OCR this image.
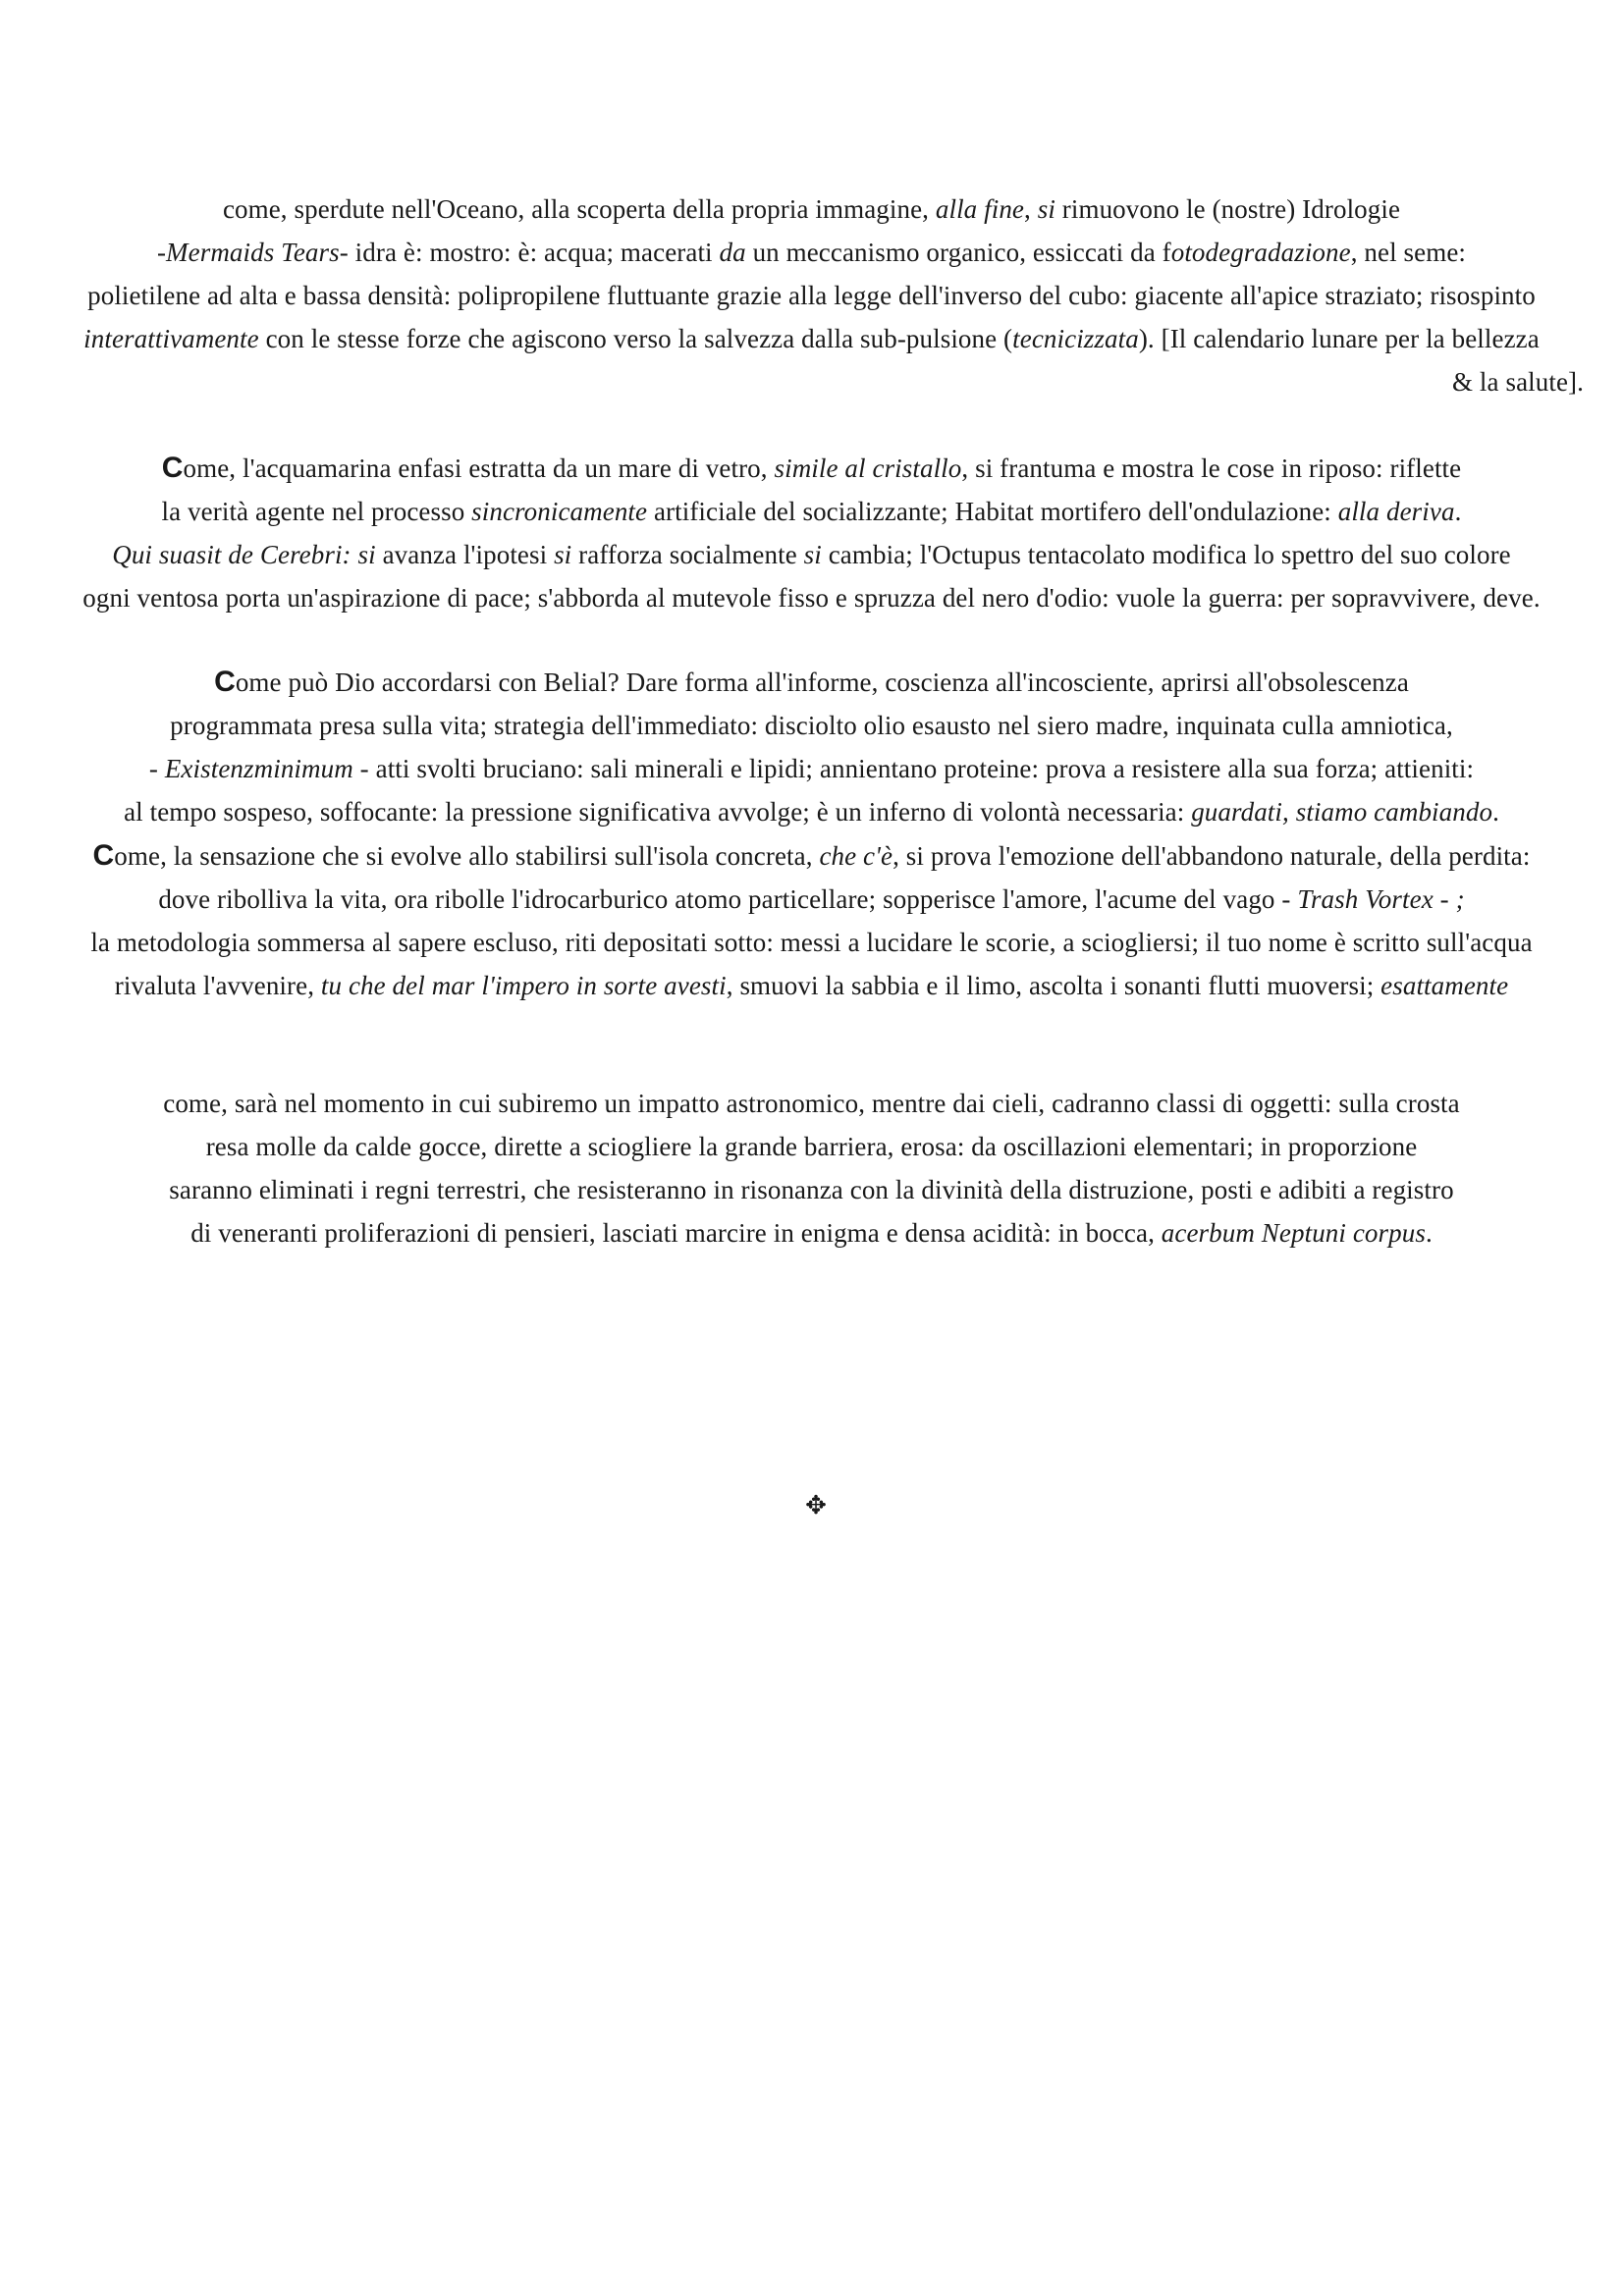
come, sperdute nell'Oceano, alla scoperta della propria immagine, alla fine, si rimuovono le (nostre) Idrologie
-Mermaids Tears- idra è: mostro: è: acqua; macerati da un meccanismo organico, essiccati da fotodegradazione, nel seme:
polietilene ad alta e bassa densità: polipropilene fluttuante grazie alla legge dell'inverso del cubo: giacente all'apice straziato; risospinto
interattivamente con le stesse forze che agiscono verso la salvezza dalla sub-pulsione (tecnicizzata). [Il calendario lunare per la bellezza
& la salute].
Come, l'acquamarina enfasi estratta da un mare di vetro, simile al cristallo, si frantuma e mostra le cose in riposo: riflette
la verità agente nel processo sincronicamente artificiale del socializzante; Habitat mortifero dell'ondulazione: alla deriva.
Qui suasit de Cerebri: si avanza l'ipotesi si rafforza socialmente si cambia; l'Octupus tentacolato modifica lo spettro del suo colore
ogni ventosa porta un'aspirazione di pace; s'abborda al mutevole fisso e spruzza del nero d'odio: vuole la guerra: per sopravvivere, deve.
Come può Dio accordarsi con Belial? Dare forma all'informe, coscienza all'incosciente, aprirsi all'obsolescenza
programmata presa sulla vita; strategia dell'immediato: disciolto olio esausto nel siero madre, inquinata culla amniotica,
- Existenzminimum - atti svolti bruciano: sali minerali e lipidi; annientano proteine: prova a resistere alla sua forza; attieniti:
al tempo sospeso, soffocante: la pressione significativa avvolge; è un inferno di volontà necessaria: guardati, stiamo cambiando.
Come, la sensazione che si evolve allo stabilirsi sull'isola concreta, che c'è, si prova l'emozione dell'abbandono naturale, della perdita:
dove ribolliva la vita, ora ribolle l'idrocarburico atomo particellare; sopperisce l'amore, l'acume del vago - Trash Vortex - ;
la metodologia sommersa al sapere escluso, riti depositati sotto: messi a lucidare le scorie, a sciogliersi; il tuo nome è scritto sull'acqua
rivaluta l'avvenire, tu che del mar l'impero in sorte avesti, smuovi la sabbia e il limo, ascolta i sonanti flutti muoversi; esattamente
come, sarà nel momento in cui subiremo un impatto astronomico, mentre dai cieli, cadranno classi di oggetti: sulla crosta
resa molle da calde gocce, dirette a sciogliere la grande barriera, erosa: da oscillazioni elementari; in proporzione
saranno eliminati i regni terrestri, che resisteranno in risonanza con la divinità della distruzione, posti e adibiti a registro
di veneranti proliferazioni di pensieri, lasciati marcire in enigma e densa acidità: in bocca, acerbum Neptuni corpus.
✥
